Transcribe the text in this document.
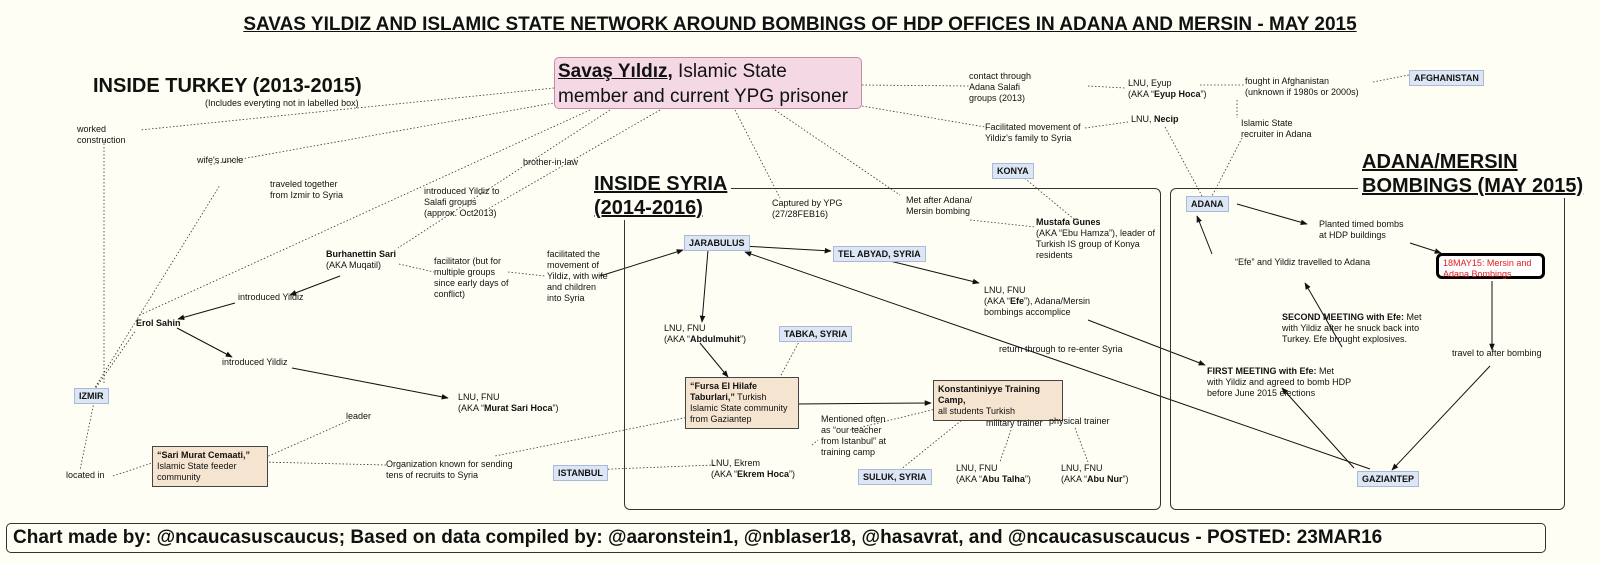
SAVAS YILDIZ AND ISLAMIC STATE NETWORK AROUND BOMBINGS OF HDP OFFICES IN ADANA AND MERSIN - MAY 2015
INSIDE TURKEY (2013-2015)
(Includes everyting not in labelled box)
INSIDE SYRIA
(2014-2016)
ADANA/MERSIN
BOMBINGS (MAY 2015)
Savaş Yıldız, Islamic State
member and current YPG prisoner
AFGHANISTAN
KONYA
ADANA
JARABULUS
TEL ABYAD, SYRIA
TABKA, SYRIA
IZMIR
ISTANBUL	SULUK, SYRIA	GAZIANTEP
“Fursa El Hilafe Taburlari,” Turkish Islamic State community from Gaziantep
Konstantiniyye Training Camp,
all students Turkish
“Sari Murat Cemaati,”
Islamic State feeder community
18MAY15: Mersin and Adana Bombings
LNU, Eyup
(AKA “Eyup Hoca”)
LNU, Necip
Mustafa Gunes
(AKA “Ebu Hamza”), leader of
Turkish IS group of Konya
residents
Burhanettin Sari
(AKA Muqatil)
Erol Sahin	LNU, FNU
(AKA “Abdulmuhit”)
LNU, FNU
(AKA “Efe”), Adana/Mersin
bombings accomplice
LNU, FNU
(AKA “Murat Sari Hoca”)
LNU, Ekrem
(AKA “Ekrem Hoca”)
LNU, FNU
(AKA “Abu Talha”)
LNU, FNU
(AKA “Abu Nur”)
SECOND MEETING with Efe: Met
with Yildiz after he snuck back into
Turkey. Efe brought explosives.
FIRST MEETING with Efe: Met
with Yildiz and agreed to bomb HDP
before June 2015 elections
contact through
Adana Salafi
groups (2013)
fought in Afghanistan
(unknown if 1980s or 2000s)
Islamic State
recruiter in Adana
Facilitated movement of
Yildiz's family to Syria
worked
construction
wife's uncle	brother-in-law
traveled together
from Izmir to Syria	introduced Yildiz to
Salafi groups
(approx. Oct2013)
Captured by YPG
(27/28FEB16)
Met after Adana/
Mersin bombing
facilitator (but for
multiple groups
since early days of
conflict)
facilitated the
movement of
Yildiz, with wife
and children
into Syria
introduced Yildiz
introduced Yildiz
leader
located in
Organization known for sending
tens of recruits to Syria
Mentioned often
as “our teacher
from Istanbul” at
training camp
military trainer physical trainer
return through to re-enter Syria
Planted timed bombs
at HDP buildings
“Efe” and Yildiz travelled to Adana
travel to after bombing
Chart made by: @ncaucasuscaucus; Based on data compiled by: @aaronstein1, @nblaser18, @hasavrat, and @ncaucasuscaucus - POSTED: 23MAR16
